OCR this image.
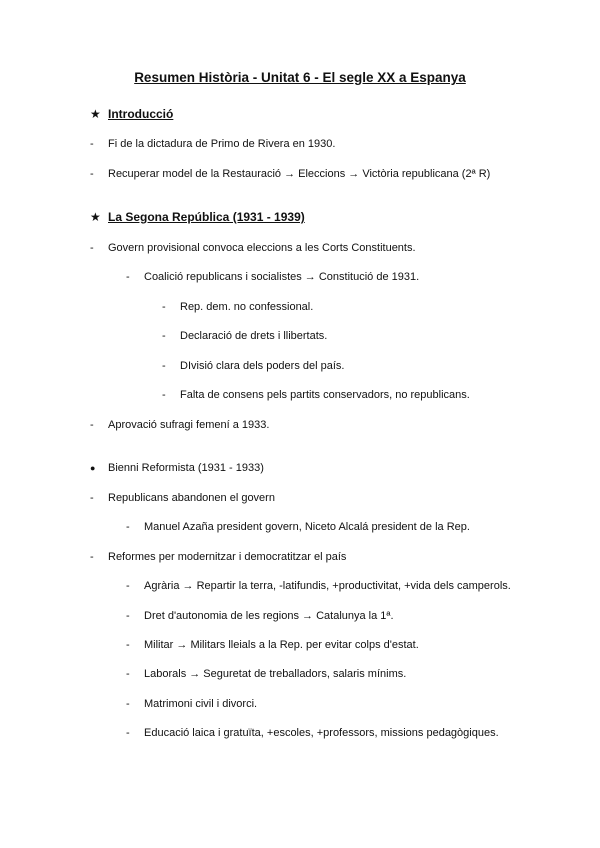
Resumen Història - Unitat 6 - El segle XX a Espanya
★ Introducció
- Fi de la dictadura de Primo de Rivera en 1930.
- Recuperar model de la Restauració → Eleccions → Victòria republicana (2ª R)
★ La Segona República (1931 - 1939)
- Govern provisional convoca eleccions a les Corts Constituents.
- Coalició republicans i socialistes → Constitució de 1931.
- Rep. dem. no confessional.
- Declaració de drets i llibertats.
- DIvisió clara dels poders del país.
- Falta de consens pels partits conservadors, no republicans.
- Aprovació sufragi femení a 1933.
● Bienni Reformista (1931 - 1933)
- Republicans abandonen el govern
- Manuel Azaña president govern, Niceto Alcalá president de la Rep.
- Reformes per modernitzar i democratitzar el país
- Agrària → Repartir la terra, -latifundis, +productivitat, +vida dels camperols.
- Dret d'autonomia de les regions → Catalunya la 1ª.
- Militar → Militars lleials a la Rep. per evitar colps d'estat.
- Laborals → Seguretat de treballadors, salaris mínims.
- Matrimoni civil i divorci.
- Educació laica i gratuïta, +escoles, +professors, missions pedagògiques.
